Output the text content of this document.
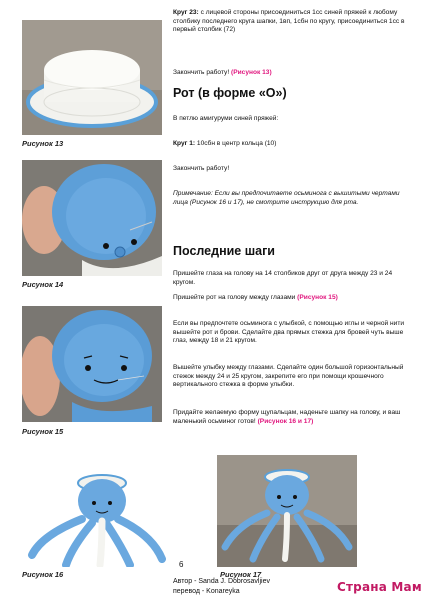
Рисунок 13
Рисунок 14
Рисунок 15
Рисунок 16	Рисунок 17
Круг 23: с лицевой стороны присоединиться 1сс синей пряжей к любому столбику последнего круга шапки, 1вп, 1сбн по кругу, присоединиться 1сс в первый столбик (72)
Закончить работу! (Рисунок 13)
Рот (в форме «О»)
В петлю амигуруми синей пряжей:
Круг 1: 10сбн в центр кольца (10)
Закончить работу!
Примечание: Если вы предпочитаете осьминога с вышитыми чертами лица (Рисунок 16 и 17), не смотрите инструкцию для рта.
Последние шаги
Пришейте глаза на голову на 14 столбиков друг от друга между 23 и 24 кругом.
Пришейте рот на голову между глазами (Рисунок 15)
Если вы предпочтете осьминога с улыбкой, с помощью иглы и черной нити вышейте рот и брови. Сделайте два прямых стежка для бровей чуть выше глаз, между 18 и 21 кругом.
Вышейте улыбку между глазами. Сделайте один большой горизонтальный стежок между 24 и 25 кругом, закрепите его при помощи крошечного вертикального стежка в форме улыбки.
Придайте желаемую форму щупальцам, наденьте шапку на голову, и ваш маленький осьминог готов! (Рисунок 16 и 17)
6
Автор - Sanda J. Dobrosavljiev
перевод - Konareyka	Страна Мам
